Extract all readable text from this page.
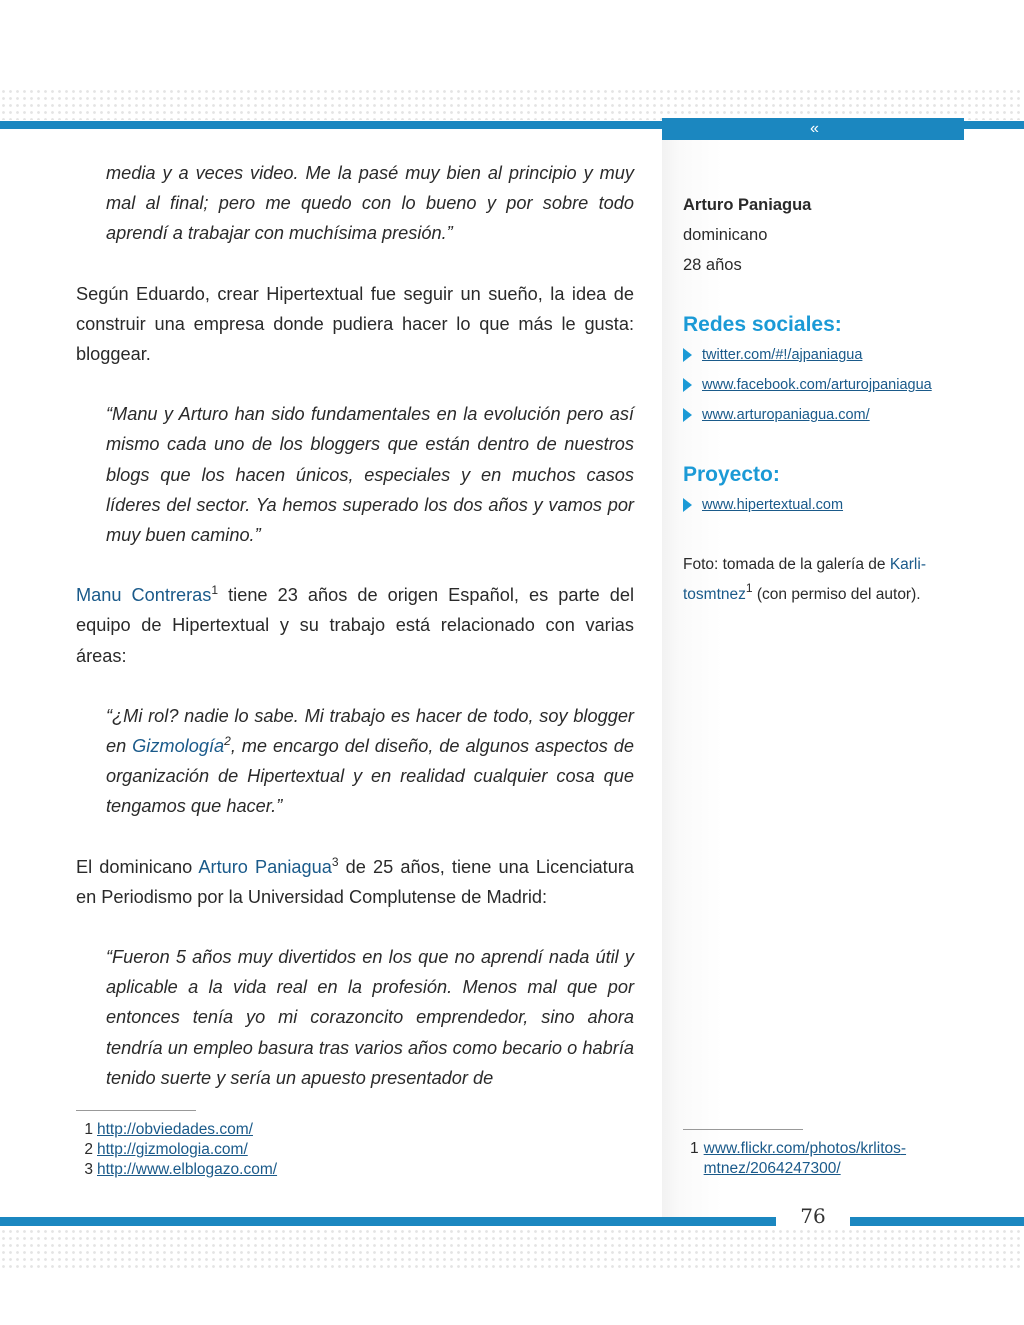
«

media y a veces video. Me la pasé muy bien al principio y muy mal al final; pero me quedo con lo bueno y por sobre todo aprendí a trabajar con muchísima presión.”

Según Eduardo, crear Hipertextual fue seguir un sueño, la idea de construir una empresa donde pudiera hacer lo que más le gusta: bloggear.

“Manu y Arturo han sido fundamentales en la evolución pero así mismo cada uno de los bloggers que están dentro de nuestros blogs que los hacen únicos, especiales y en muchos casos líderes del sector. Ya hemos superado los dos años y vamos por muy buen camino.”

Manu Contreras$^1$ tiene 23 años de origen Español, es parte del equipo de Hipertextual y su trabajo está relacionado con varias áreas:

“¿Mi rol? nadie lo sabe. Mi trabajo es hacer de todo, soy blogger en Gizmología$^2$, me encargo del diseño, de algunos aspectos de organización de Hipertextual y en realidad cualquier cosa que tengamos que hacer.”

El dominicano Arturo Paniagua$^3$ de 25 años, tiene una Licenciatura en Periodismo por la Universidad Complutense de Madrid:

“Fueron 5 años muy divertidos en los que no aprendí nada útil y aplicable a la vida real en la profesión. Menos mal que por entonces tenía yo mi corazoncito emprendedor, sino ahora tendría un empleo basura tras varios años como becario o habría tenido suerte y sería un apuesto presentador de

1 http://obviedades.com/
2 http://gizmologia.com/
3 http://www.elblogazo.com/
Arturo Paniagua
dominicano
28 años
Redes sociales:
twitter.com/#!/ajpaniagua
www.facebook.com/arturojpaniagua
www.arturopaniagua.com/
Proyecto:
www.hipertextual.com
Foto: tomada de la galería de Karlitosmtnez$^1$ (con permiso del autor).
1 www.flickr.com/photos/krlitosmtnez/2064247300/
76
